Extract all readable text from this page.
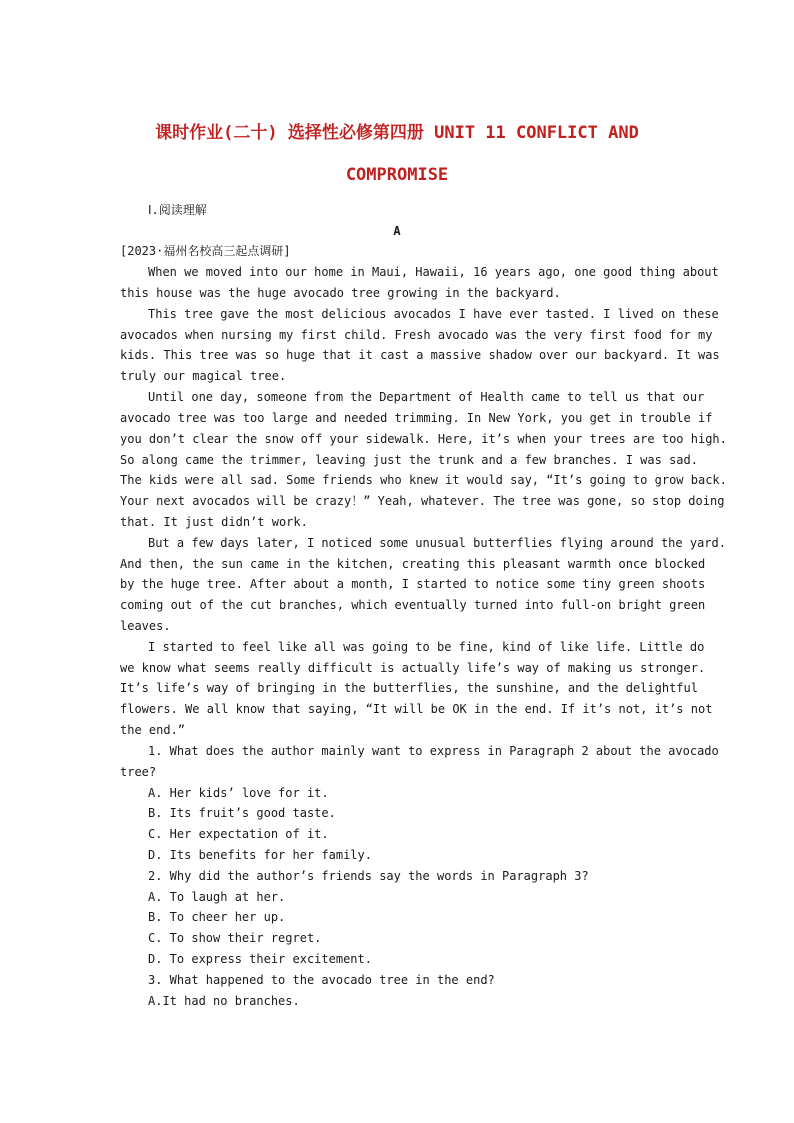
课时作业(二十) 选择性必修第四册 UNIT 11 CONFLICT AND
COMPROMISE
Ⅰ.阅读理解
A
[2023·福州名校高三起点调研]
When we moved into our home in Maui, Hawaii, 16 years ago, one good thing about
this house was the huge avocado tree growing in the backyard.
This tree gave the most delicious avocados I have ever tasted. I lived on these
avocados when nursing my first child. Fresh avocado was the very first food for my
kids. This tree was so huge that it cast a massive shadow over our backyard. It was
truly our magical tree.
Until one day, someone from the Department of Health came to tell us that our
avocado tree was too large and needed trimming. In New York, you get in trouble if
you don’t clear the snow off your sidewalk. Here, it’s when your trees are too high.
So along came the trimmer, leaving just the trunk and a few branches. I was sad.
The kids were all sad. Some friends who knew it would say, “It’s going to grow back.
Your next avocados will be crazy！” Yeah, whatever. The tree was gone, so stop doing
that. It just didn’t work.
But a few days later, I noticed some unusual butterflies flying around the yard.
And then, the sun came in the kitchen, creating this pleasant warmth once blocked
by the huge tree. After about a month, I started to notice some tiny green shoots
coming out of the cut branches, which eventually turned into full-on bright green
leaves.
I started to feel like all was going to be fine, kind of like life. Little do
we know what seems really difficult is actually life’s way of making us stronger.
It’s life’s way of bringing in the butterflies, the sunshine, and the delightful
flowers. We all know that saying, “It will be OK in the end. If it’s not, it’s not
the end.”
1. What does the author mainly want to express in Paragraph 2 about the avocado
tree?
A. Her kids’ love for it.
B. Its fruit’s good taste.
C. Her expectation of it.
D. Its benefits for her family.
2. Why did the author’s friends say the words in Paragraph 3?
A. To laugh at her.
B. To cheer her up.
C. To show their regret.
D. To express their excitement.
3. What happened to the avocado tree in the end?
A.It had no branches.
